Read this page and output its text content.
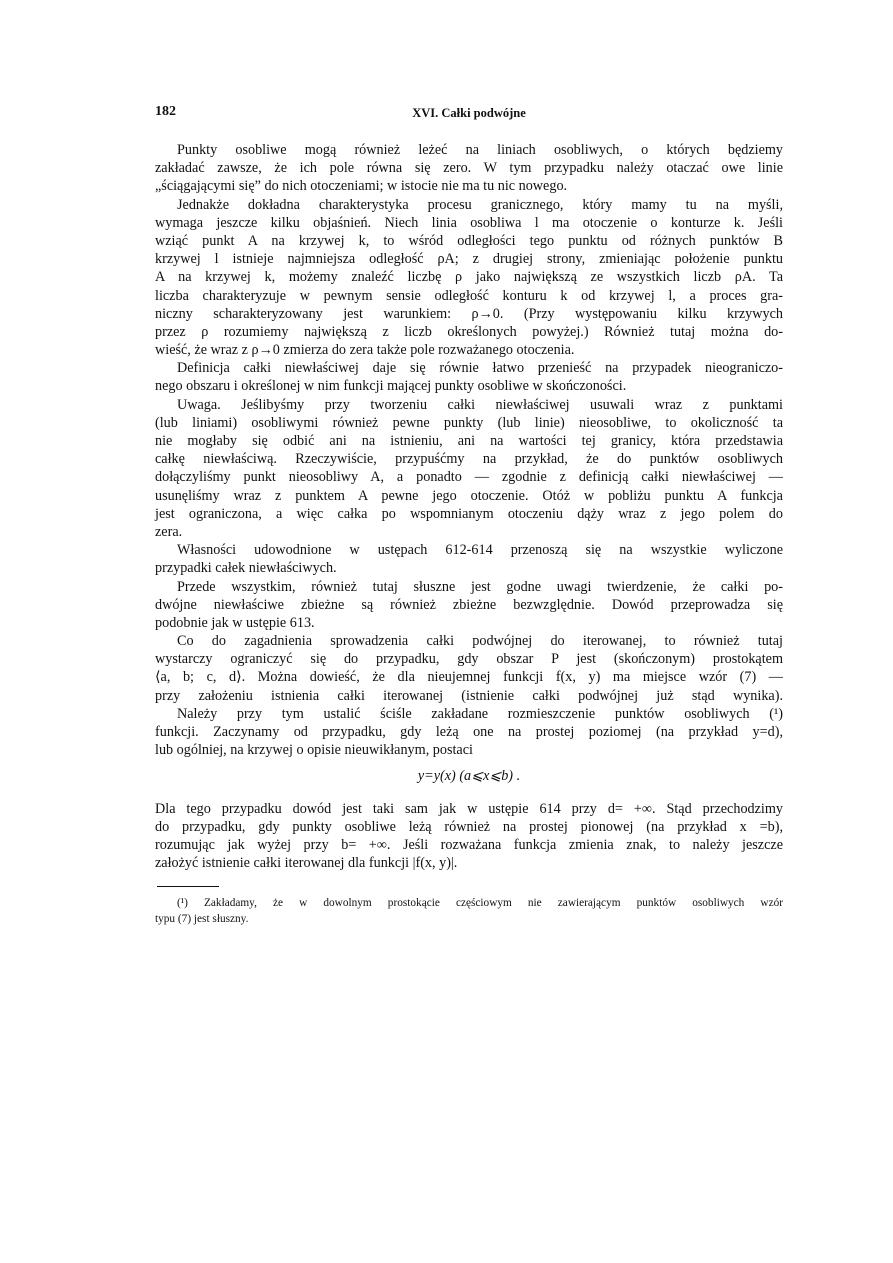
182	XVI. Całki podwójne
Punkty osobliwe mogą również leżeć na liniach osobliwych, o których będziemy
zakładać zawsze, że ich pole równa się zero. W tym przypadku należy otaczać owe linie
„ściągającymi się” do nich otoczeniami; w istocie nie ma tu nic nowego.
Jednakże dokładna charakterystyka procesu granicznego, który mamy tu na myśli,
wymaga jeszcze kilku objaśnień. Niech linia osobliwa l ma otoczenie o konturze k. Jeśli
wziąć punkt A na krzywej k, to wśród odległości tego punktu od różnych punktów B
krzywej l istnieje najmniejsza odległość ρA; z drugiej strony, zmieniając położenie punktu
A na krzywej k, możemy znaleźć liczbę ρ jako największą ze wszystkich liczb ρA. Ta
liczba charakteryzuje w pewnym sensie odległość konturu k od krzywej l, a proces gra-
niczny scharakteryzowany jest warunkiem: ρ→0. (Przy występowaniu kilku krzywych
przez ρ rozumiemy największą z liczb określonych powyżej.) Również tutaj można do-
wieść, że wraz z ρ→0 zmierza do zera także pole rozważanego otoczenia.
Definicja całki niewłaściwej daje się równie łatwo przenieść na przypadek nieograniczo-
nego obszaru i określonej w nim funkcji mającej punkty osobliwe w skończoności.
Uwaga. Jeślibyśmy przy tworzeniu całki niewłaściwej usuwali wraz z punktami
(lub liniami) osobliwymi również pewne punkty (lub linie) nieosobliwe, to okoliczność ta
nie mogłaby się odbić ani na istnieniu, ani na wartości tej granicy, która przedstawia
całkę niewłaściwą. Rzeczywiście, przypuśćmy na przykład, że do punktów osobliwych
dołączyliśmy punkt nieosobliwy A, a ponadto — zgodnie z definicją całki niewłaściwej —
usunęliśmy wraz z punktem A pewne jego otoczenie. Otóż w pobliżu punktu A funkcja
jest ograniczona, a więc całka po wspomnianym otoczeniu dąży wraz z jego polem do
zera.
Własności udowodnione w ustępach 612-614 przenoszą się na wszystkie wyliczone
przypadki całek niewłaściwych.
Przede wszystkim, również tutaj słuszne jest godne uwagi twierdzenie, że całki po-
dwójne niewłaściwe zbieżne są również zbieżne bezwzględnie. Dowód przeprowadza się
podobnie jak w ustępie 613.
Co do zagadnienia sprowadzenia całki podwójnej do iterowanej, to również tutaj
wystarczy ograniczyć się do przypadku, gdy obszar P jest (skończonym) prostokątem
⟨a, b; c, d⟩. Można dowieść, że dla nieujemnej funkcji f(x, y) ma miejsce wzór (7) —
przy założeniu istnienia całki iterowanej (istnienie całki podwójnej już stąd wynika).
Należy przy tym ustalić ściśle zakładane rozmieszczenie punktów osobliwych (¹)
funkcji. Zaczynamy od przypadku, gdy leżą one na prostej poziomej (na przykład y=d),
lub ogólniej, na krzywej o opisie nieuwikłanym, postaci
y=y(x) (a⩽x⩽b) .
Dla tego przypadku dowód jest taki sam jak w ustępie 614 przy d= +∞. Stąd przechodzimy
do przypadku, gdy punkty osobliwe leżą również na prostej pionowej (na przykład x =b),
rozumując jak wyżej przy b= +∞. Jeśli rozważana funkcja zmienia znak, to należy jeszcze
założyć istnienie całki iterowanej dla funkcji |f(x, y)|.
(¹) Zakładamy, że w dowolnym prostokącie częściowym nie zawierającym punktów osobliwych wzór
typu (7) jest słuszny.
